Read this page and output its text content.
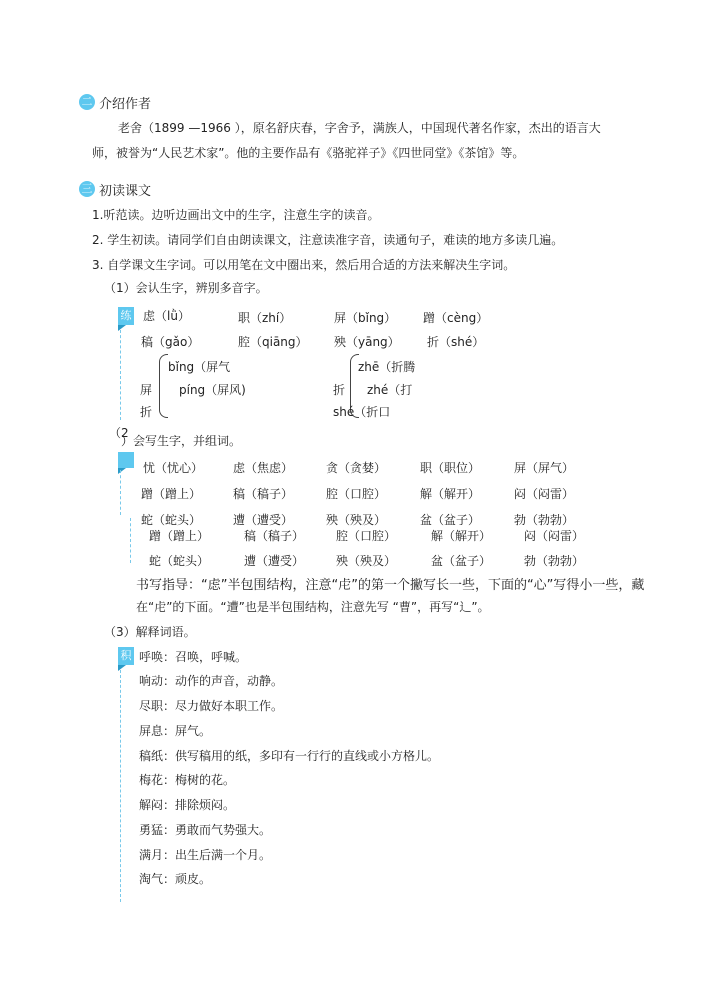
二 介绍作者
老舍（1899 —1966 ），原名舒庆春，字舍予，满族人，中国现代著名作家，杰出的语言大
师，被誉为“人民艺术家”。他的主要作品有《骆驼祥子》《四世同堂》《茶馆》等。
三 初读课文
1.听范读。边听边画出文中的生字，注意生字的读音。
2. 学生初读。请同学们自由朗读课文，注意读准字音，读通句子，难读的地方多读几遍。
3. 自学课文生字词。可以用笔在文中圈出来，然后用合适的方法来解决生字词。
（1）会认生字，辨别多音字。
练 虑（lǜ）	职（zhí）	屏（bǐng） 蹭（cèng）
稿（gǎo）	腔（qiāng） 殃（yāng） 折（shé）
bǐng（屏气
píng（屏风)
屏
折
zhē（折腾
折 zhé（打
shé（折口
（2
）会写生字，并组词。
忧（忧心） 虑（焦虑）	贪（贪婪）	职（职位）	屏（屏气）
蹭（蹭上）	稿（稿子）	腔（口腔）	解（解开）	闷（闷雷）
蛇（蛇头）	遭（遭受）	殃（殃及）	盆（盆子）	勃（勃勃）
蹭（蹭上）	稿（稿子）	腔（口腔）	解（解开）	闷（闷雷）
蛇（蛇头）	遭（遭受）	殃（殃及）	盆（盆子）	勃（勃勃）
书写指导：“虑”半包围结构，注意“虍”的第一个撇写长一些，下面的“心”写得小一些，藏
在“虍”的下面。“遭”也是半包围结构，注意先写 “曹”，再写“辶”。
（3）解释词语。
积 呼唤：召唤，呼喊。
响动：动作的声音，动静。
尽职：尽力做好本职工作。
屏息：屏气。
稿纸：供写稿用的纸，多印有一行行的直线或小方格儿。
梅花：梅树的花。
解闷：排除烦闷。
勇猛：勇敢而气势强大。
满月：出生后满一个月。
淘气：顽皮。
